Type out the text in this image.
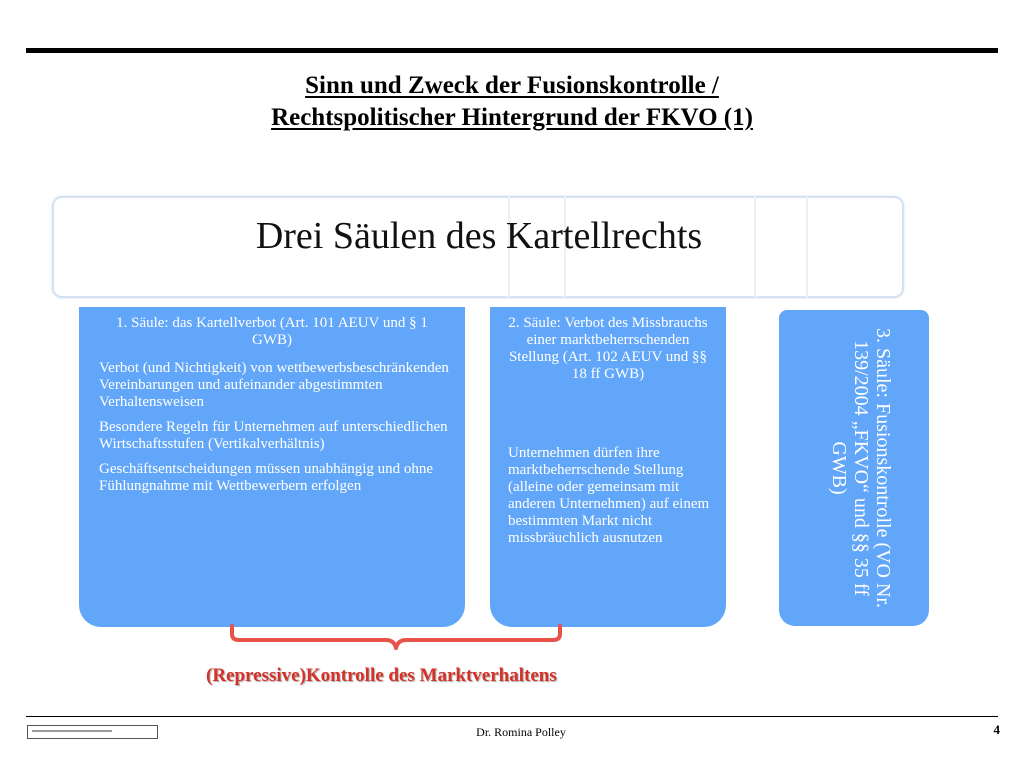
Sinn und Zweck der Fusionskontrolle /
Rechtspolitischer Hintergrund der FKVO (1)
Drei Säulen des Kartellrechts

1. Säule: das Kartellverbot (Art. 101 AEUV und § 1 GWB)

Verbot (und Nichtigkeit) von wettbewerbsbeschränkenden Vereinbarungen und aufeinander abgestimmten Verhaltensweisen

Besondere Regeln für Unternehmen auf unterschiedlichen Wirtschaftsstufen (Vertikalverhältnis)

Geschäftsentscheidungen müssen unabhängig und ohne Fühlungnahme mit Wettbewerbern erfolgen

2. Säule: Verbot des Missbrauchs einer marktbeherrschenden Stellung (Art. 102 AEUV und §§ 18 ff GWB)

Unternehmen dürfen ihre marktbeherrschende Stellung (alleine oder gemeinsam mit anderen Unternehmen) auf einem bestimmten Markt nicht missbräuchlich ausnutzen	3. Säule: Fusionskontrolle (VO Nr. 139/2004 „FKVO“ und §§ 35 ff GWB)
(Repressive)Kontrolle des Marktverhaltens
Dr. Romina Polley	4
